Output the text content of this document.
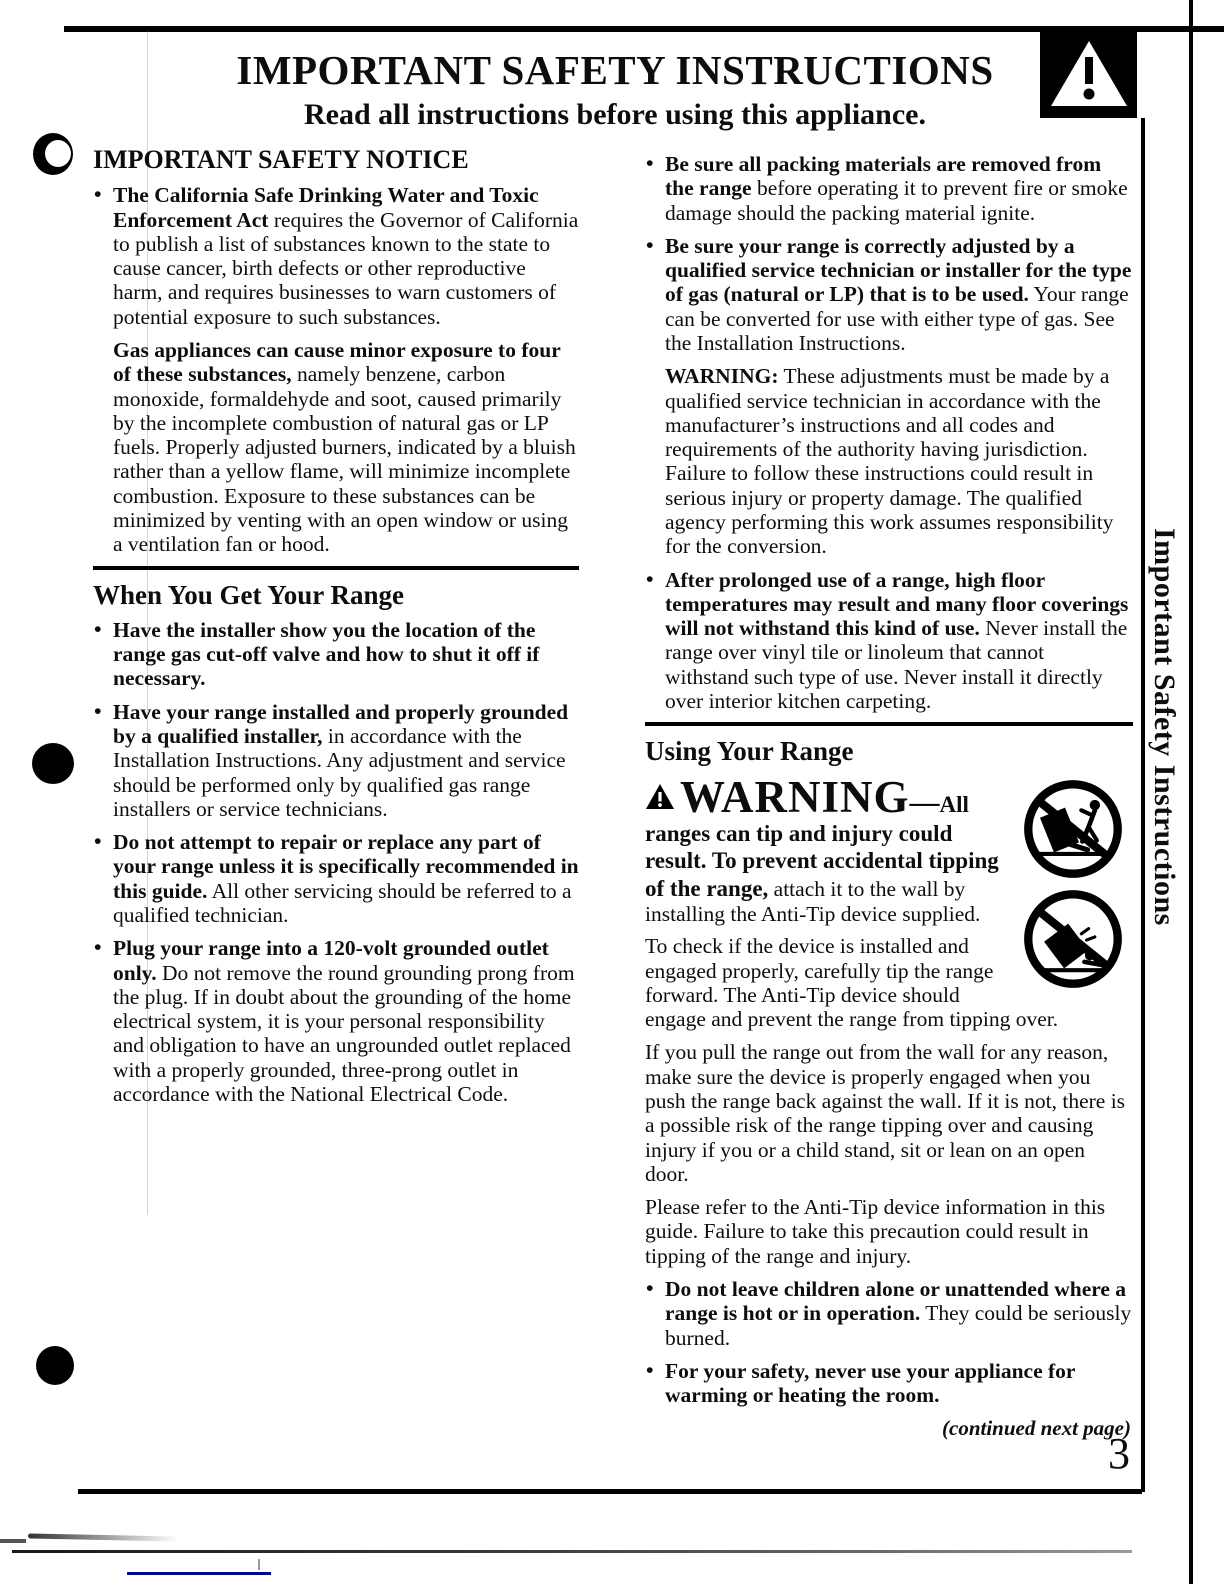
Important Safety Instructions
IMPORTANT SAFETY INSTRUCTIONS
Read all instructions before using this appliance.
IMPORTANT SAFETY NOTICE
• The California Safe Drinking Water and Toxic Enforcement Act requires the Governor of California to publish a list of substances known to the state to cause cancer, birth defects or other reproductive harm, and requires businesses to warn customers of potential exposure to such substances.

Gas appliances can cause minor exposure to four of these substances, namely benzene, carbon monoxide, formaldehyde and soot, caused primarily by the incomplete combustion of natural gas or LP fuels. Properly adjusted burners, indicated by a bluish rather than a yellow flame, will minimize incomplete combustion. Exposure to these substances can be minimized by venting with an open window or using a ventilation fan or hood.

When You Get Your Range
• Have the installer show you the location of the range gas cut-off valve and how to shut it off if necessary.
• Have your range installed and properly grounded by a qualified installer, in accordance with the Installation Instructions. Any adjustment and service should be performed only by qualified gas range installers or service technicians.
• Do not attempt to repair or replace any part of your range unless it is specifically recommended in this guide. All other servicing should be referred to a qualified technician.
• Plug your range into a 120-volt grounded outlet only. Do not remove the round grounding prong from the plug. If in doubt about the grounding of the home electrical system, it is your personal responsibility and obligation to have an ungrounded outlet replaced with a properly grounded, three-prong outlet in accordance with the National Electrical Code.
• Be sure all packing materials are removed from the range before operating it to prevent fire or smoke damage should the packing material ignite.
• Be sure your range is correctly adjusted by a qualified service technician or installer for the type of gas (natural or LP) that is to be used. Your range can be converted for use with either type of gas. See the Installation Instructions.

WARNING: These adjustments must be made by a qualified service technician in accordance with the manufacturer’s instructions and all codes and requirements of the authority having jurisdiction. Failure to follow these instructions could result in serious injury or property damage. The qualified agency performing this work assumes responsibility for the conversion.

• After prolonged use of a range, high floor temperatures may result and many floor coverings will not withstand this kind of use. Never install the range over vinyl tile or linoleum that cannot withstand such type of use. Never install it directly over interior kitchen carpeting.
Using Your Range
WARNING—All ranges can tip and injury could result. To prevent accidental tipping of the range, attach it to the wall by installing the Anti-Tip device supplied.

To check if the device is installed and engaged properly, carefully tip the range forward. The Anti-Tip device should engage and prevent the range from tipping over.

If you pull the range out from the wall for any reason, make sure the device is properly engaged when you push the range back against the wall. If it is not, there is a possible risk of the range tipping over and causing injury if you or a child stand, sit or lean on an open door.

Please refer to the Anti-Tip device information in this guide. Failure to take this precaution could result in tipping of the range and injury.

• Do not leave children alone or unattended where a range is hot or in operation. They could be seriously burned.
• For your safety, never use your appliance for warming or heating the room.
(continued next page)
3
